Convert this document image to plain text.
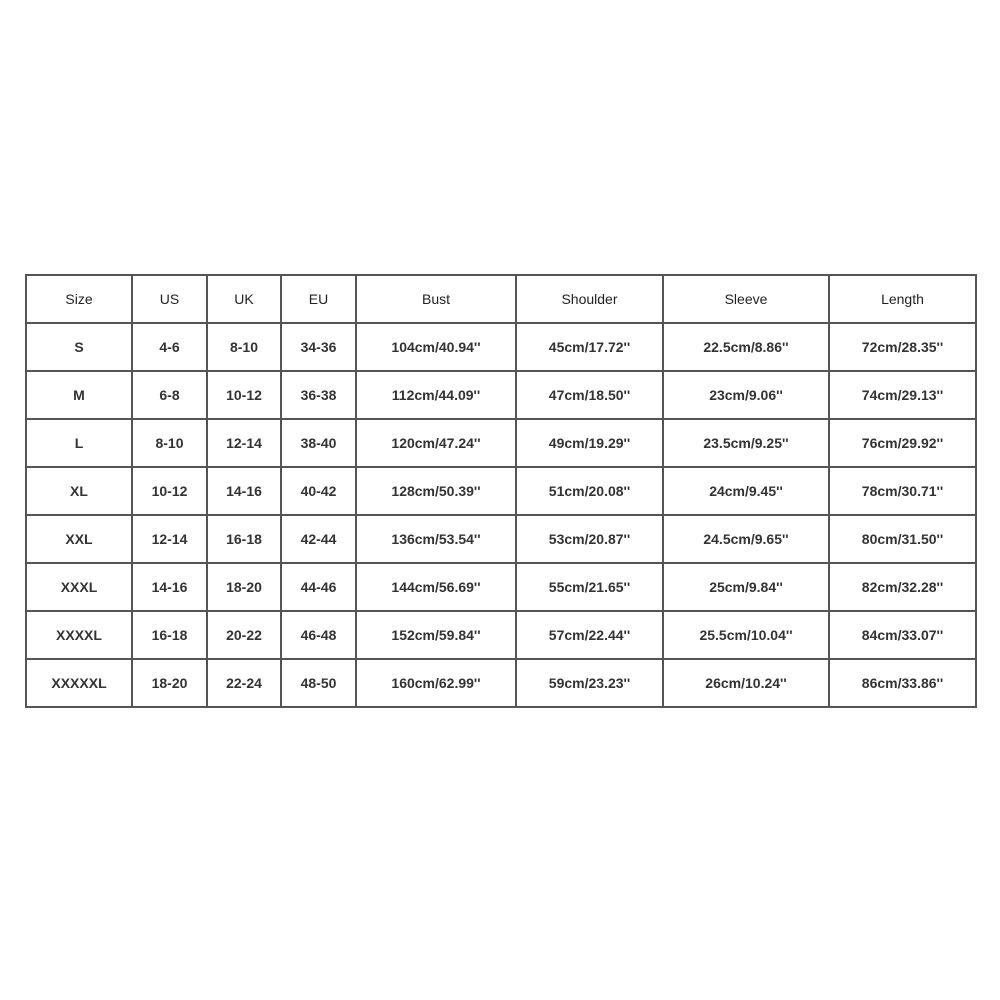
Size	US	UK	EU	Bust	Shoulder	Sleeve	Length
S	4-6	8-10	34-36	104cm/40.94''	45cm/17.72''	22.5cm/8.86''	72cm/28.35''
M	6-8	10-12	36-38	112cm/44.09''	47cm/18.50''	23cm/9.06''	74cm/29.13''
L	8-10	12-14	38-40	120cm/47.24''	49cm/19.29''	23.5cm/9.25''	76cm/29.92''
XL	10-12	14-16	40-42	128cm/50.39''	51cm/20.08''	24cm/9.45''	78cm/30.71''
XXL	12-14	16-18	42-44	136cm/53.54''	53cm/20.87''	24.5cm/9.65''	80cm/31.50''
XXXL	14-16	18-20	44-46	144cm/56.69''	55cm/21.65''	25cm/9.84''	82cm/32.28''
XXXXL	16-18	20-22	46-48	152cm/59.84''	57cm/22.44''	25.5cm/10.04''	84cm/33.07''
XXXXXL	18-20	22-24	48-50	160cm/62.99''	59cm/23.23''	26cm/10.24''	86cm/33.86''
